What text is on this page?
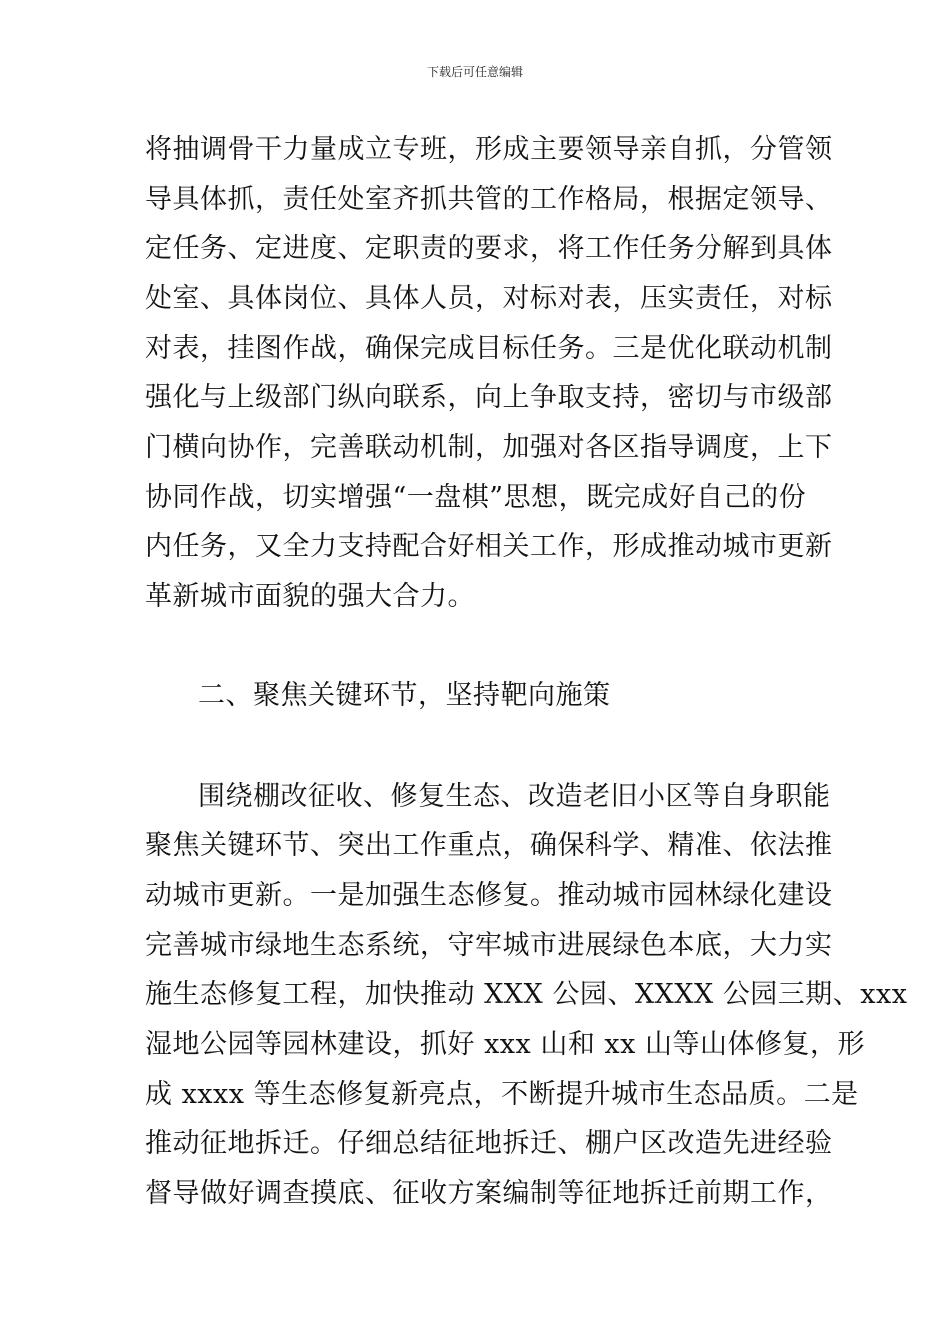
下载后可任意编辑
将抽调骨干力量成立专班，形成主要领导亲自抓，分管领
导具体抓，责任处室齐抓共管的工作格局，根据定领导、
定任务、定进度、定职责的要求，将工作任务分解到具体
处室、具体岗位、具体人员，对标对表，压实责任，对标
对表，挂图作战，确保完成目标任务。三是优化联动机制
强化与上级部门纵向联系，向上争取支持，密切与市级部
门横向协作，完善联动机制，加强对各区指导调度，上下
协同作战，切实增强“一盘棋”思想，既完成好自己的份
内任务，又全力支持配合好相关工作，形成推动城市更新
革新城市面貌的强大合力。
二、聚焦关键环节，坚持靶向施策
围绕棚改征收、修复生态、改造老旧小区等自身职能
聚焦关键环节、突出工作重点，确保科学、精准、依法推
动城市更新。一是加强生态修复。推动城市园林绿化建设
完善城市绿地生态系统，守牢城市进展绿色本底，大力实
施生态修复工程，加快推动 XXX 公园、XXXX 公园三期、xxx
湿地公园等园林建设，抓好 xxx 山和 xx 山等山体修复，形
成 xxxx 等生态修复新亮点，不断提升城市生态品质。二是
推动征地拆迁。仔细总结征地拆迁、棚户区改造先进经验
督导做好调查摸底、征收方案编制等征地拆迁前期工作，
